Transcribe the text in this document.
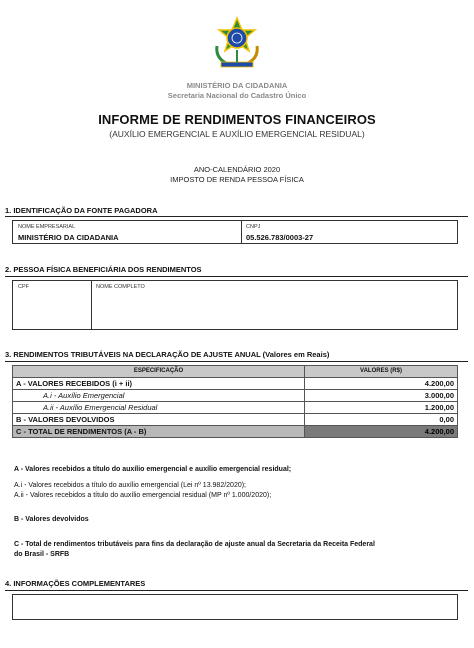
MINISTÉRIO DA CIDADANIA
Secretaria Nacional do Cadastro Único
INFORME DE RENDIMENTOS FINANCEIROS
(AUXÍLIO EMERGENCIAL E AUXÍLIO EMERGENCIAL RESIDUAL)
ANO-CALENDÁRIO 2020
IMPOSTO DE RENDA PESSOA FÍSICA
1. IDENTIFICAÇÃO DA FONTE PAGADORA
NOME EMPRESARIAL
MINISTÉRIO DA CIDADANIA
CNPJ
05.526.783/0003-27
2. PESSOA FÍSICA BENEFICIÁRIA DOS RENDIMENTOS
CPF	NOME COMPLETO
3. RENDIMENTOS TRIBUTÁVEIS NA DECLARAÇÃO DE AJUSTE ANUAL (Valores em Reais)
ESPECIFICAÇÃO	VALORES (R$)
A - VALORES RECEBIDOS (i + ii)	4.200,00
A.i - Auxílio Emergencial	3.000,00
A.ii - Auxílio Emergencial Residual	1.200,00
B - VALORES DEVOLVIDOS	0,00
C - TOTAL DE RENDIMENTOS (A - B)	4.200,00
A - Valores recebidos a título do auxílio emergencial e auxílio emergencial residual;
A.i - Valores recebidos a título do auxílio emergencial (Lei nº 13.982/2020);
A.ii - Valores recebidos a título do auxílio emergencial residual (MP nº 1.000/2020);
B - Valores devolvidos
C - Total de rendimentos tributáveis para fins da declaração de ajuste anual da Secretaria da Receita Federal
do Brasil - SRFB
4. INFORMAÇÕES COMPLEMENTARES
